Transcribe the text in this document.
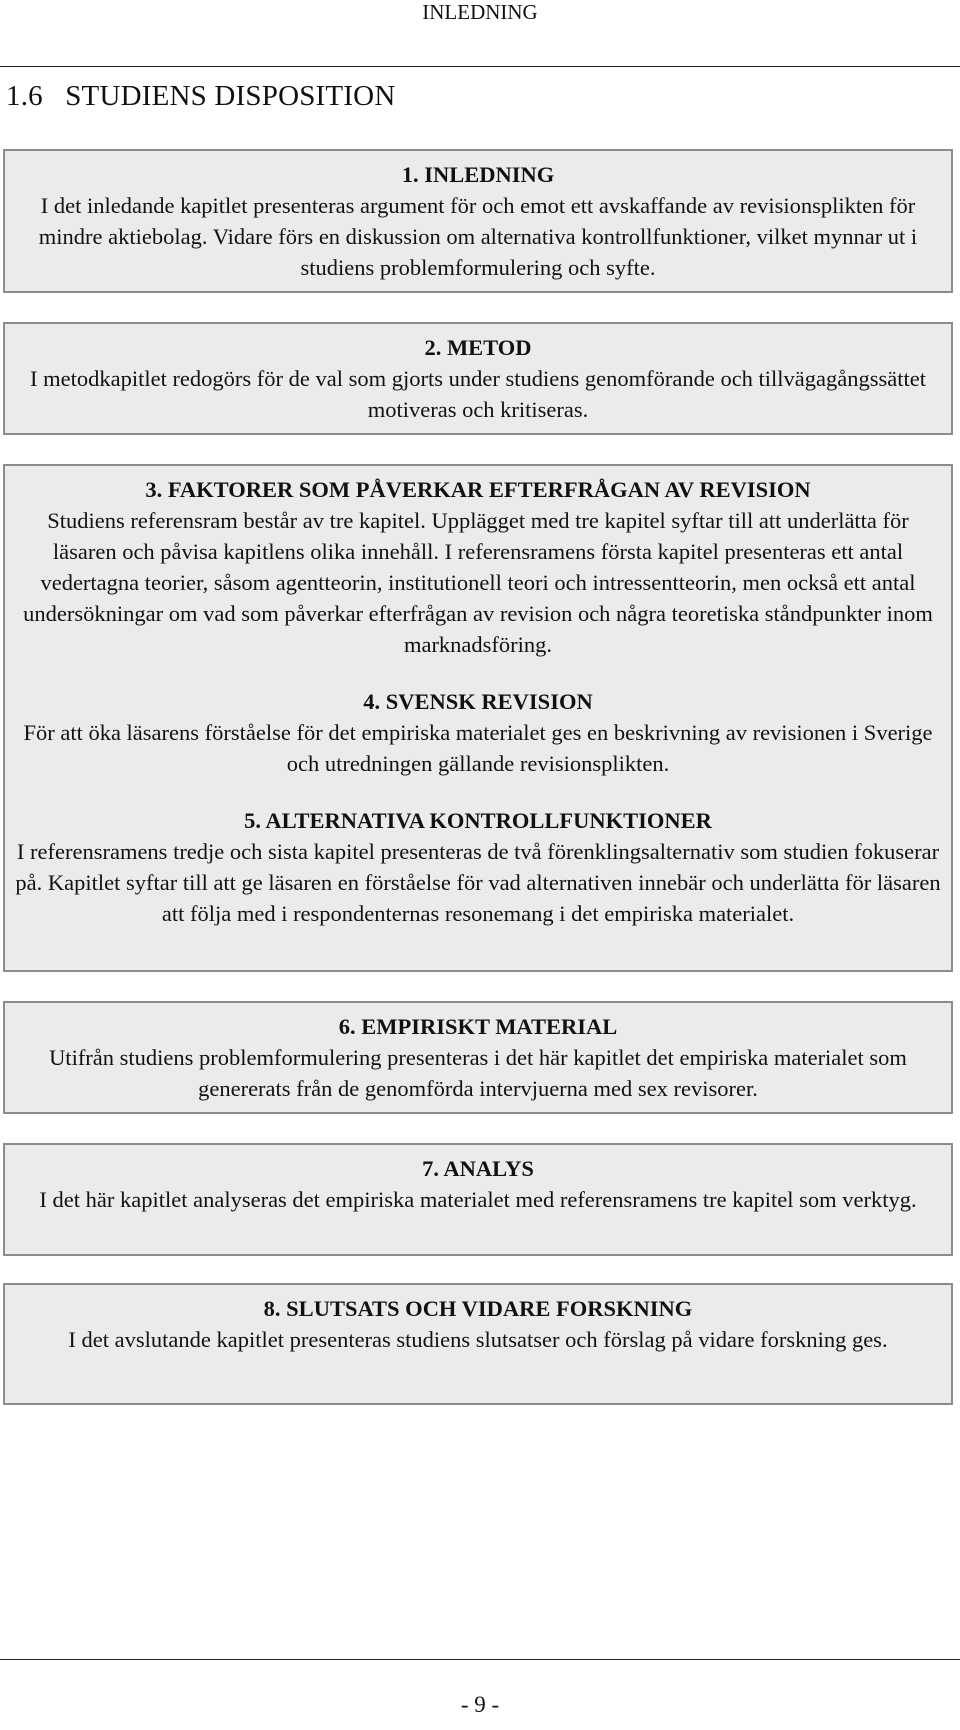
INLEDNING
1.6   STUDIENS DISPOSITION
1. INLEDNING
I det inledande kapitlet presenteras argument för och emot ett avskaffande av revisionsplikten för mindre aktiebolag. Vidare förs en diskussion om alternativa kontrollfunktioner, vilket mynnar ut i studiens problemformulering och syfte.
2. METOD
I metodkapitlet redogörs för de val som gjorts under studiens genomförande och tillvägagångssättet motiveras och kritiseras.
3. FAKTORER SOM PÅVERKAR EFTERFRÅGAN AV REVISION
Studiens referensram består av tre kapitel. Upplägget med tre kapitel syftar till att underlätta för läsaren och påvisa kapitlens olika innehåll. I referensramens första kapitel presenteras ett antal vedertagna teorier, såsom agentteorin, institutionell teori och intressentteorin, men också ett antal undersökningar om vad som påverkar efterfrågan av revision och några teoretiska ståndpunkter inom marknadsföring.
4. SVENSK REVISION
För att öka läsarens förståelse för det empiriska materialet ges en beskrivning av revisionen i Sverige och utredningen gällande revisionsplikten.
5. ALTERNATIVA KONTROLLFUNKTIONER
I referensramens tredje och sista kapitel presenteras de två förenklingsalternativ som studien fokuserar på. Kapitlet syftar till att ge läsaren en förståelse för vad alternativen innebär och underlätta för läsaren att följa med i respondenternas resonemang i det empiriska materialet.
6. EMPIRISKT MATERIAL
Utifrån studiens problemformulering presenteras i det här kapitlet det empiriska materialet som genererats från de genomförda intervjuerna med sex revisorer.
7. ANALYS
I det här kapitlet analyseras det empiriska materialet med referensramens tre kapitel som verktyg.
8. SLUTSATS OCH VIDARE FORSKNING
I det avslutande kapitlet presenteras studiens slutsatser och förslag på vidare forskning ges.
- 9 -
